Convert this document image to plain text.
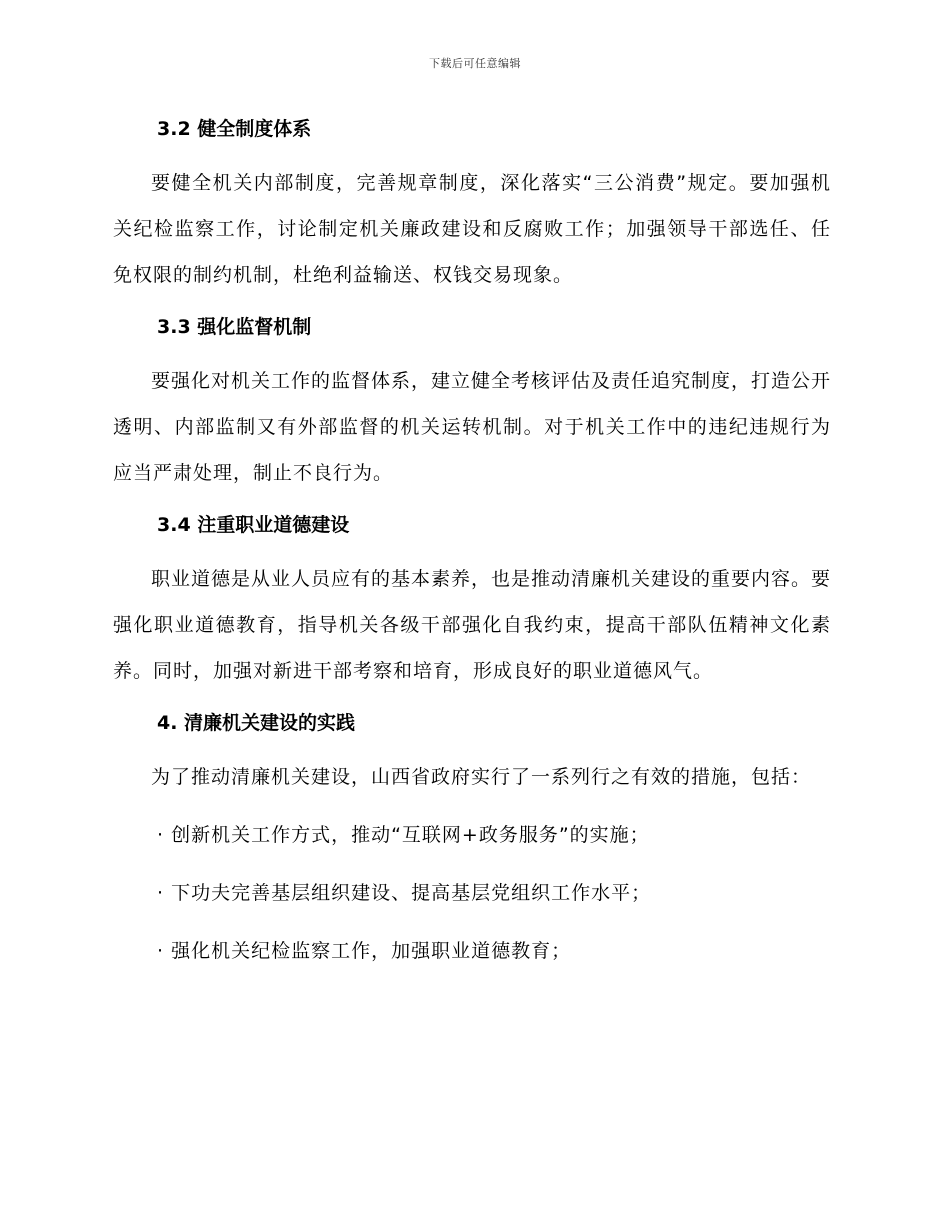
下载后可任意编辑
3.2 健全制度体系

要健全机关内部制度，完善规章制度，深化落实“三公消费”规定。要加强机关纪检监察工作，讨论制定机关廉政建设和反腐败工作；加强领导干部选任、任免权限的制约机制，杜绝利益输送、权钱交易现象。

3.3 强化监督机制

要强化对机关工作的监督体系，建立健全考核评估及责任追究制度，打造公开透明、内部监制又有外部监督的机关运转机制。对于机关工作中的违纪违规行为应当严肃处理，制止不良行为。

3.4 注重职业道德建设

职业道德是从业人员应有的基本素养，也是推动清廉机关建设的重要内容。要强化职业道德教育，指导机关各级干部强化自我约束，提高干部队伍精神文化素养。同时，加强对新进干部考察和培育，形成良好的职业道德风气。

4. 清廉机关建设的实践

为了推动清廉机关建设，山西省政府实行了一系列行之有效的措施，包括：

· 创新机关工作方式，推动“互联网+政务服务”的实施；

· 下功夫完善基层组织建设、提高基层党组织工作水平；

· 强化机关纪检监察工作，加强职业道德教育；
